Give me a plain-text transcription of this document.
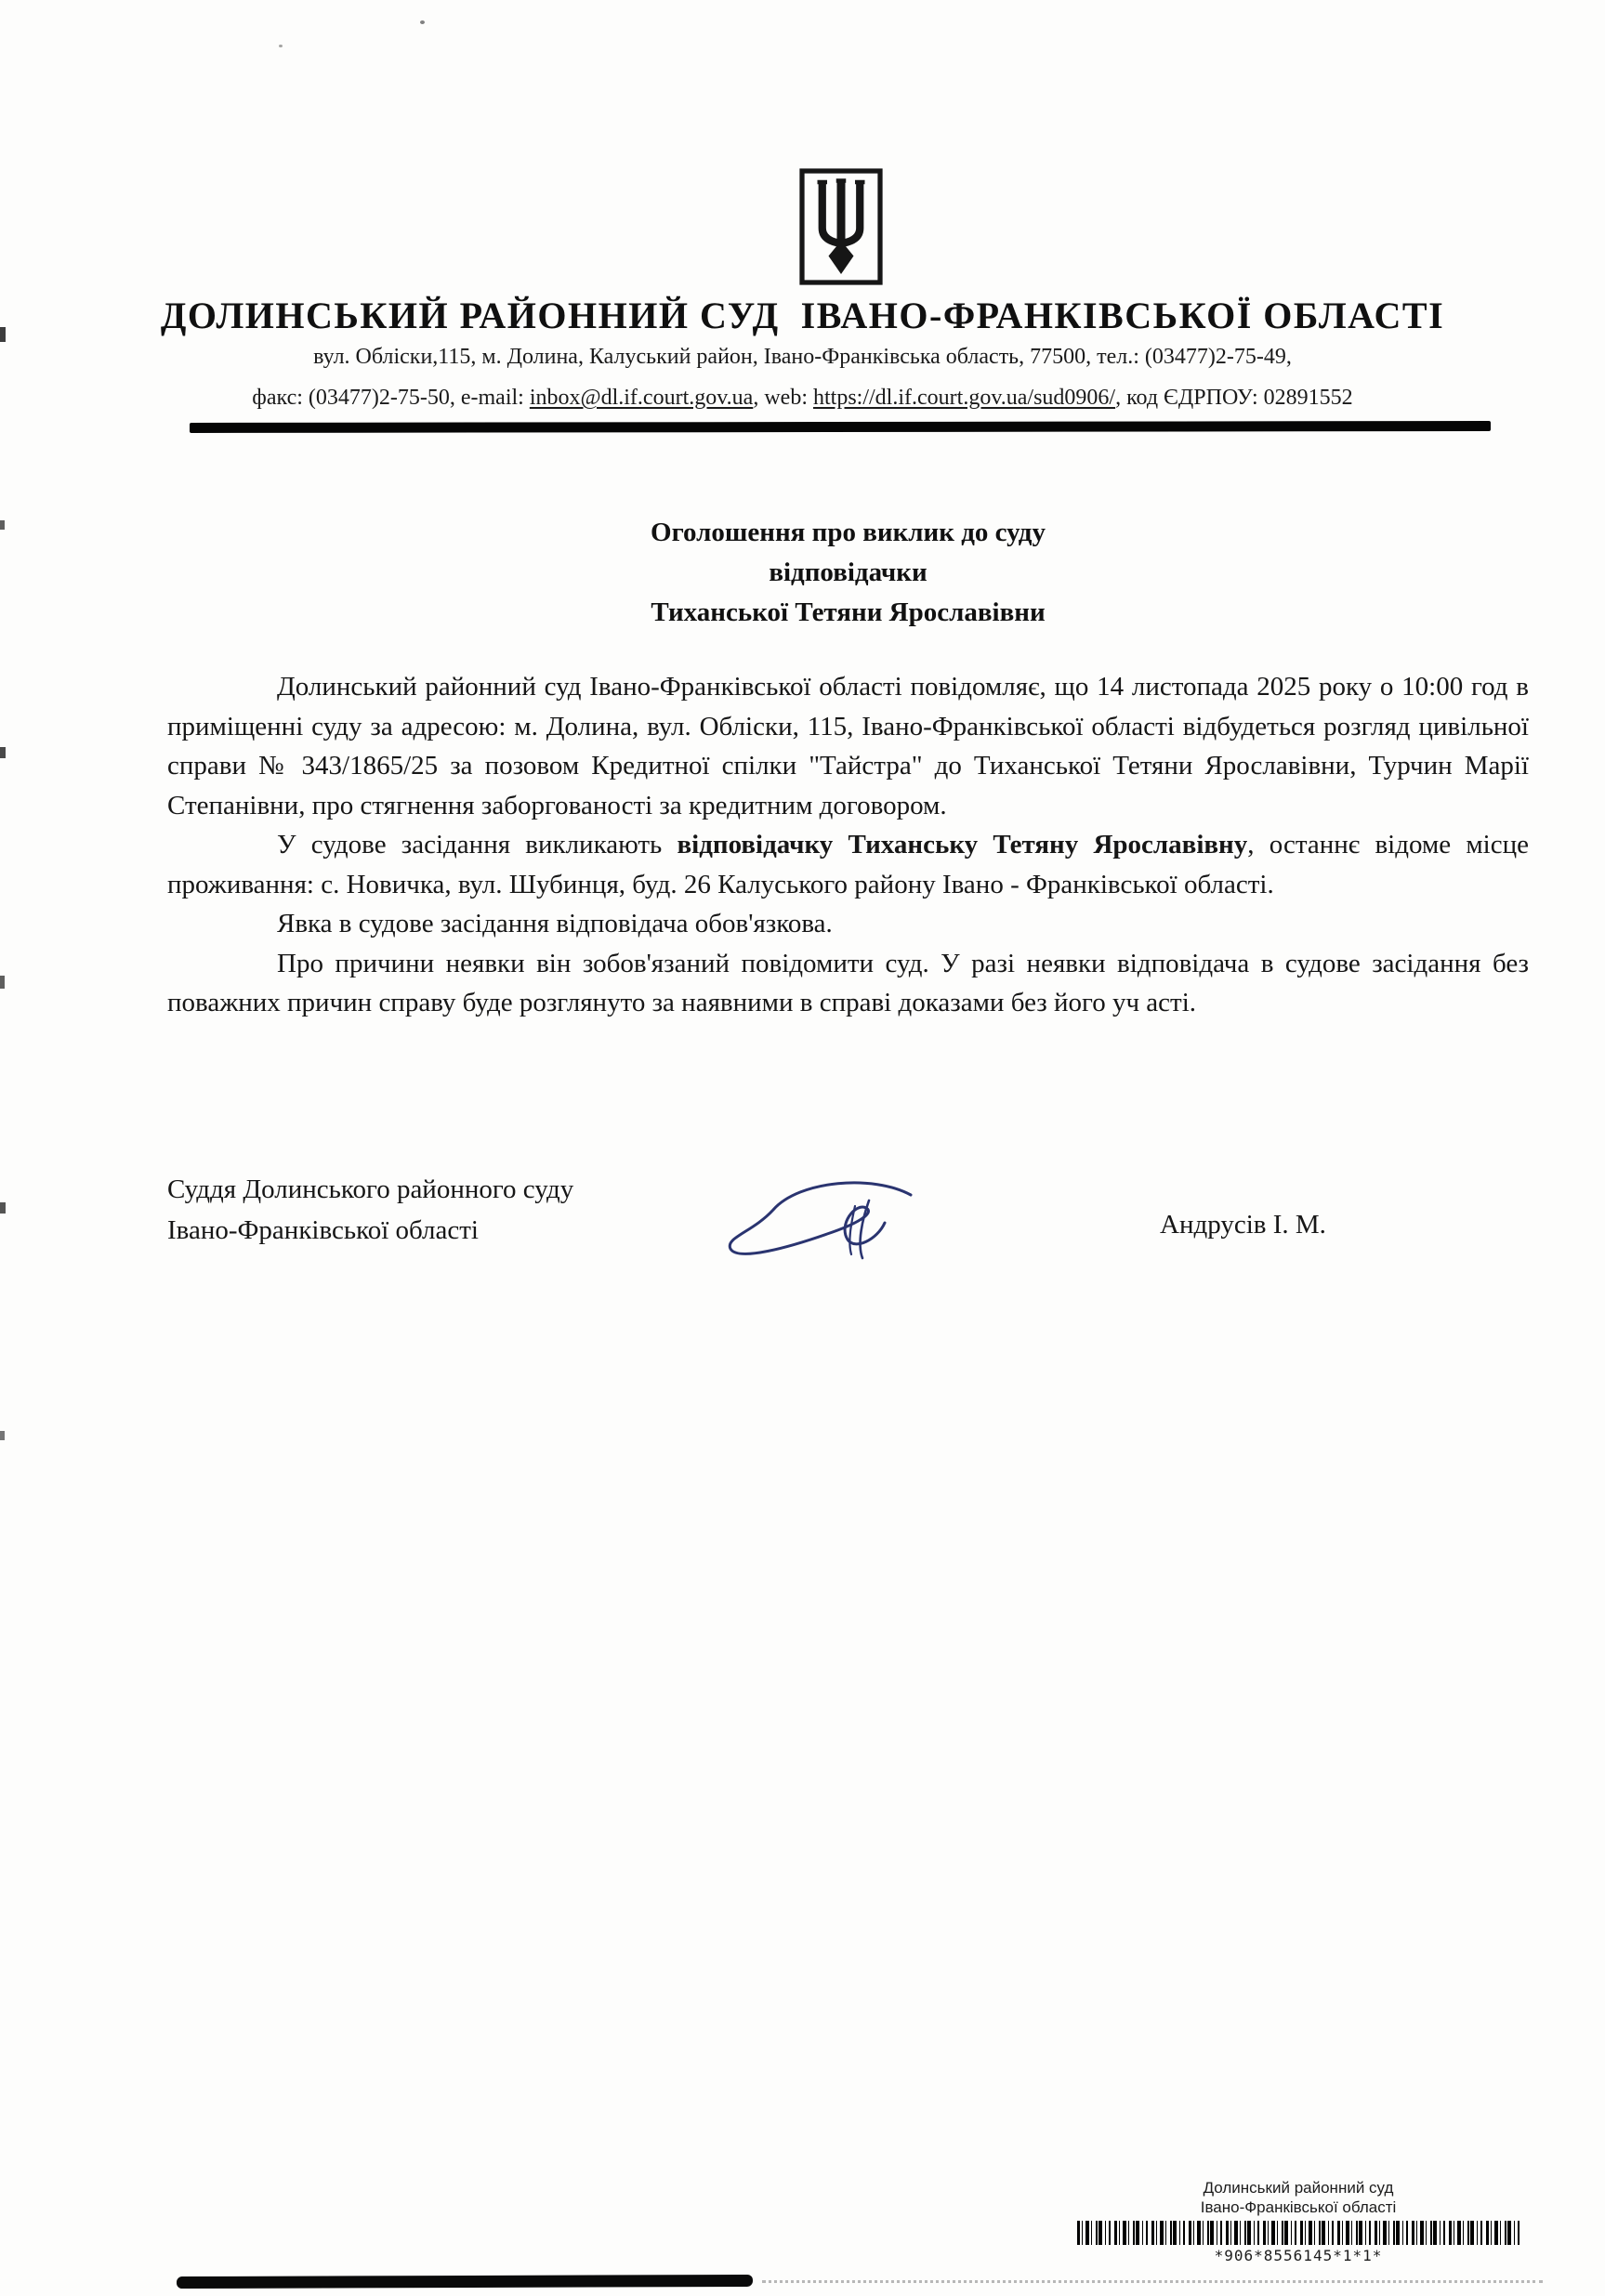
ДОЛИНСЬКИЙ РАЙОННИЙ СУД  ІВАНО-ФРАНКІВСЬКОЇ ОБЛАСТІ
вул. Обліски,115, м. Долина, Калуський район, Івано-Франківська область, 77500, тел.: (03477)2-75-49,
факс: (03477)2-75-50, e-mail: inbox@dl.if.court.gov.ua, web: https://dl.if.court.gov.ua/sud0906/, код ЄДРПОУ: 02891552
Оголошення про виклик до суду
відповідачки
Тиханської Тетяни Ярославівни

Долинський районний суд Івано-Франківської області повідомляє, що 14 листопада 2025 року о 10:00 год в приміщенні суду за адресою: м. Долина, вул. Обліски, 115, Івано-Франківської області відбудеться розгляд цивільної справи № 343/1865/25 за позовом Кредитної спілки "Тайстра" до Тиханської Тетяни Ярославівни, Турчин Марії Степанівни, про стягнення заборгованості за кредитним договором.

У судове засідання викликають відповідачку Тиханську Тетяну Ярославівну, останнє відоме місце проживання: с. Новичка, вул. Шубинця, буд. 26 Калуського району Івано - Франківської області.

Явка в судове засідання відповідача обов'язкова.

Про причини неявки він зобов'язаний повідомити суд. У разі неявки відповідача в судове засідання без поважних причин справу буде розглянуто за наявними в справі доказами без його уч асті.

Суддя Долинського районного суду
Івано-Франківської області	Андрусів І. М.
Долинський районний суд
Івано-Франківської області
*906*8556145*1*1*
